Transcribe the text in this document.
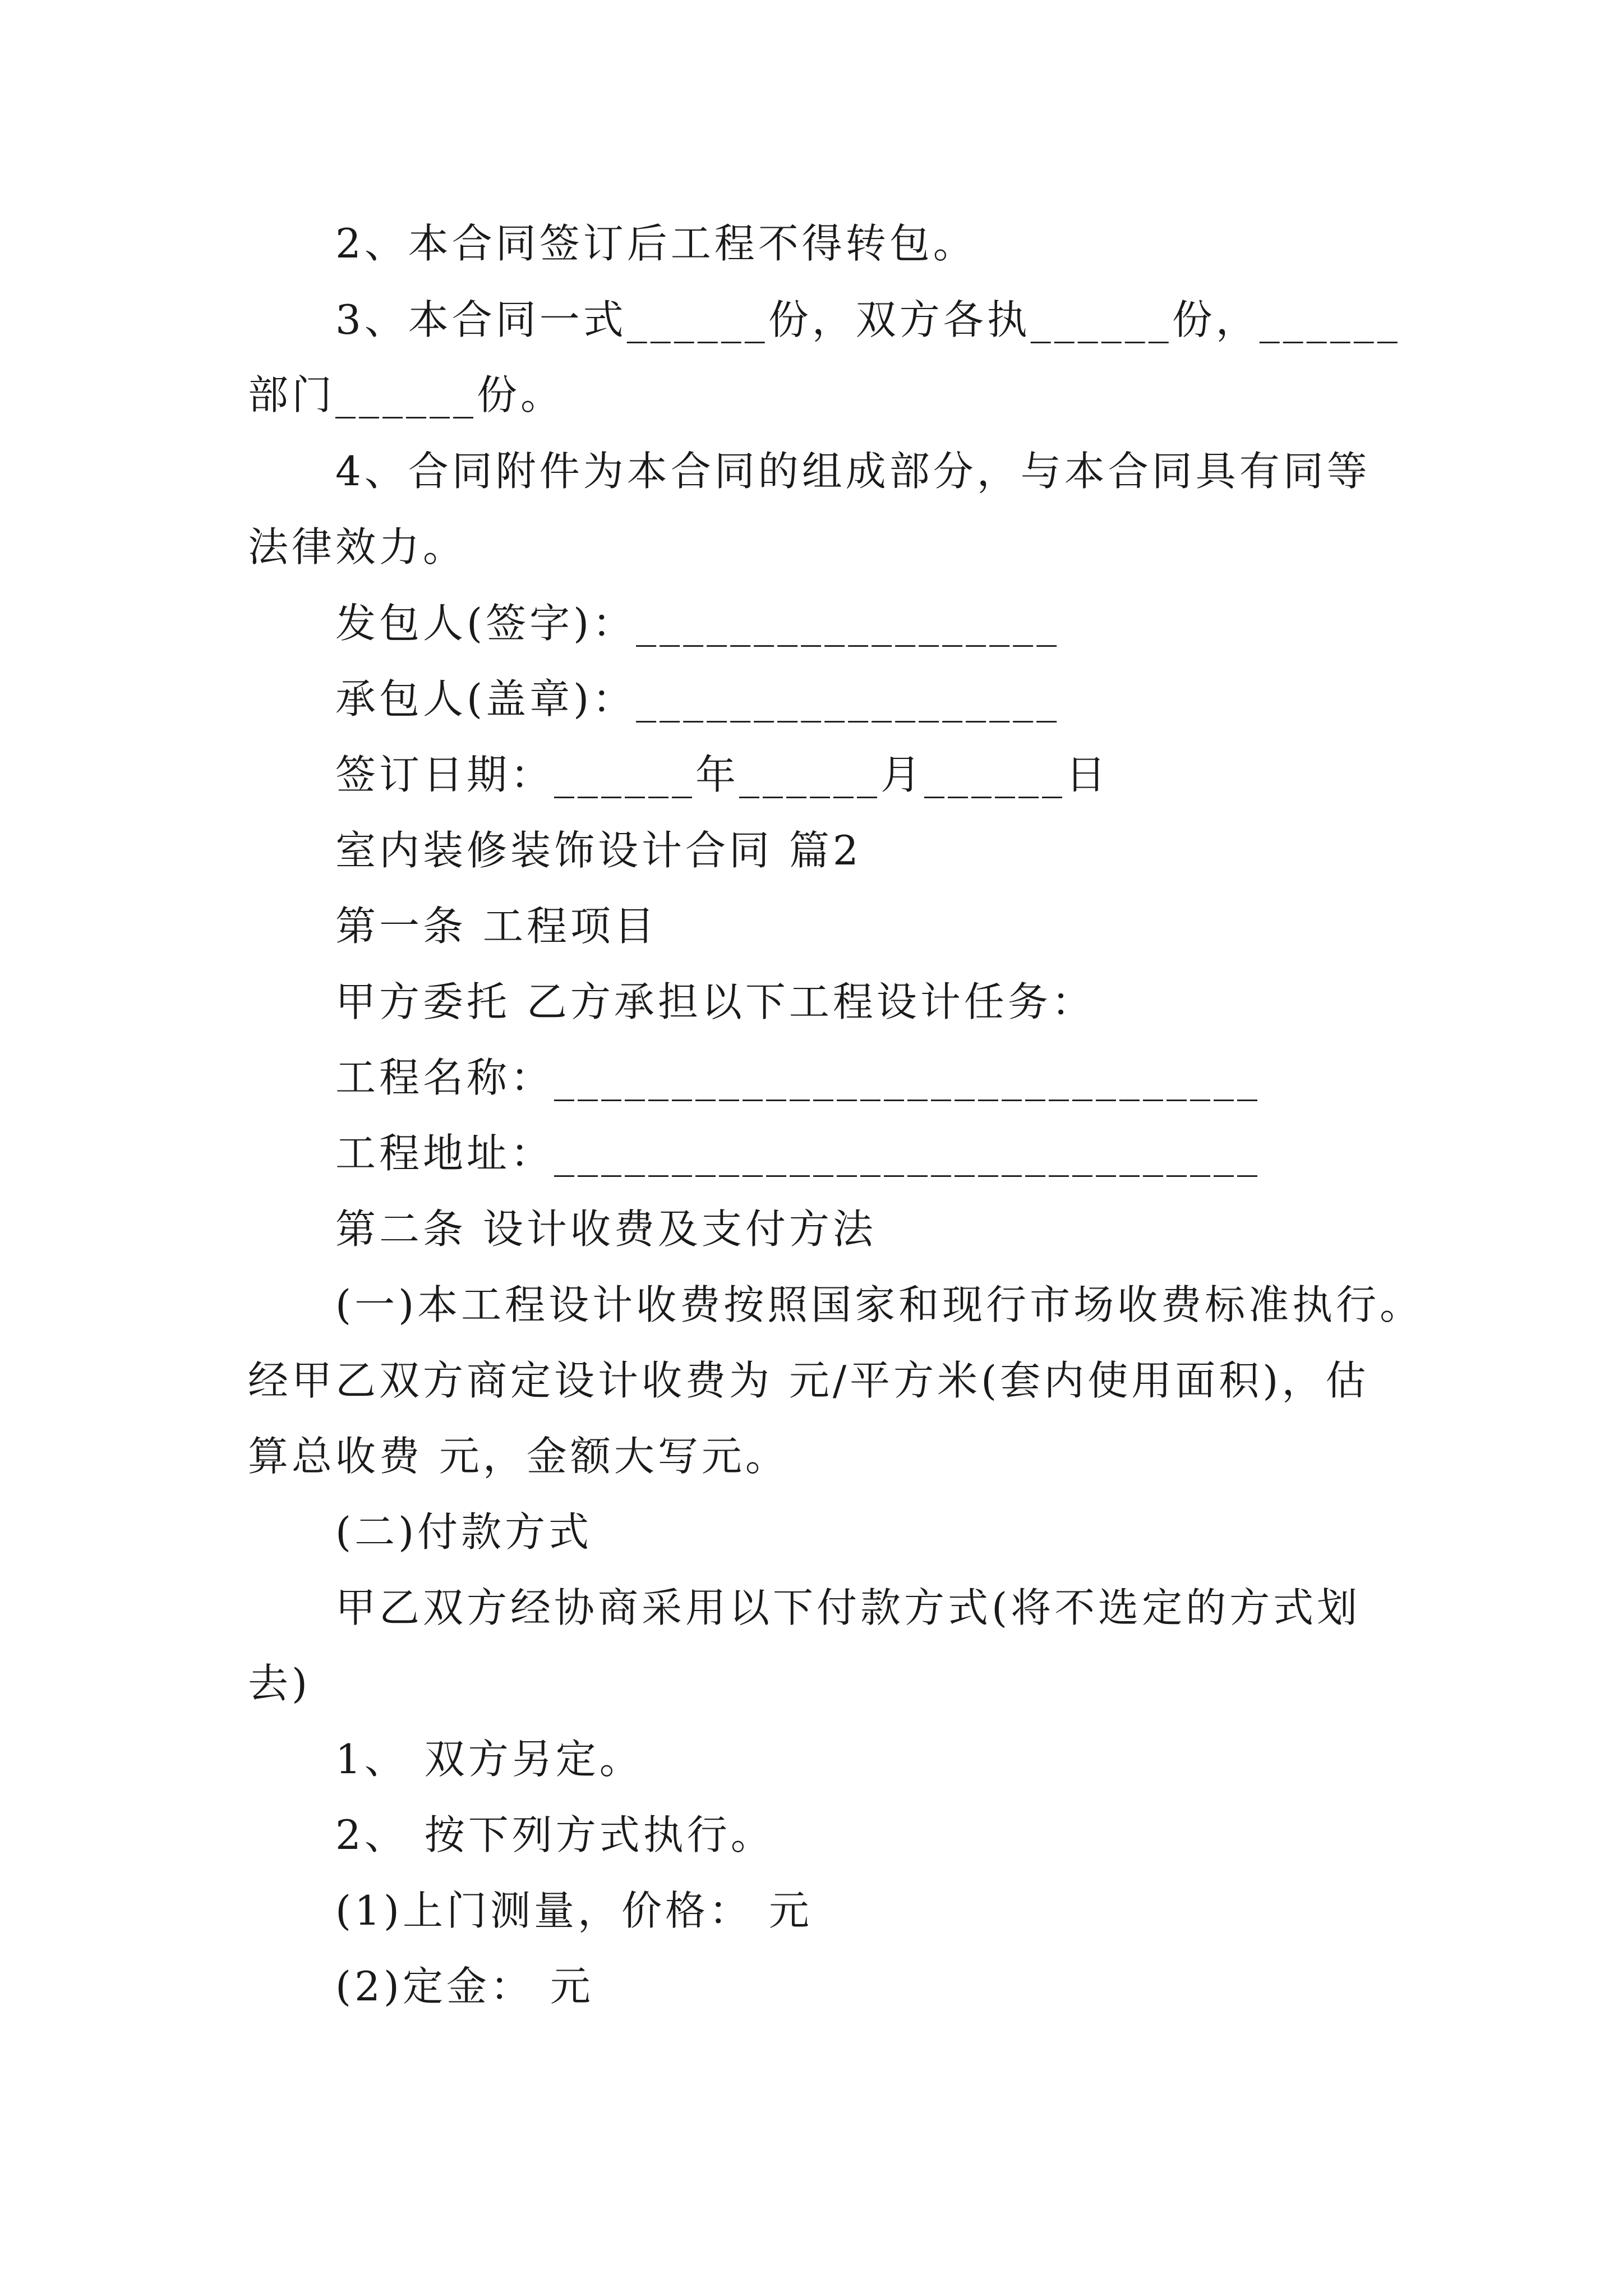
2、本合同签订后工程不得转包。
3、本合同一式______份，双方各执______份，______
部门______份。
4、合同附件为本合同的组成部分，与本合同具有同等
法律效力。
发包人(签字)：__________________
承包人(盖章)：__________________
签订日期：______年______月______日
室内装修装饰设计合同 篇2
第一条 工程项目
甲方委托 乙方承担以下工程设计任务：
工程名称：______________________________
工程地址：______________________________
第二条 设计收费及支付方法
(一)本工程设计收费按照国家和现行市场收费标准执行。
经甲乙双方商定设计收费为 元/平方米(套内使用面积)，估
算总收费 元，金额大写元。
(二)付款方式
甲乙双方经协商采用以下付款方式(将不选定的方式划
去)
1、 双方另定。
2、 按下列方式执行。
(1)上门测量，价格： 元
(2)定金： 元
